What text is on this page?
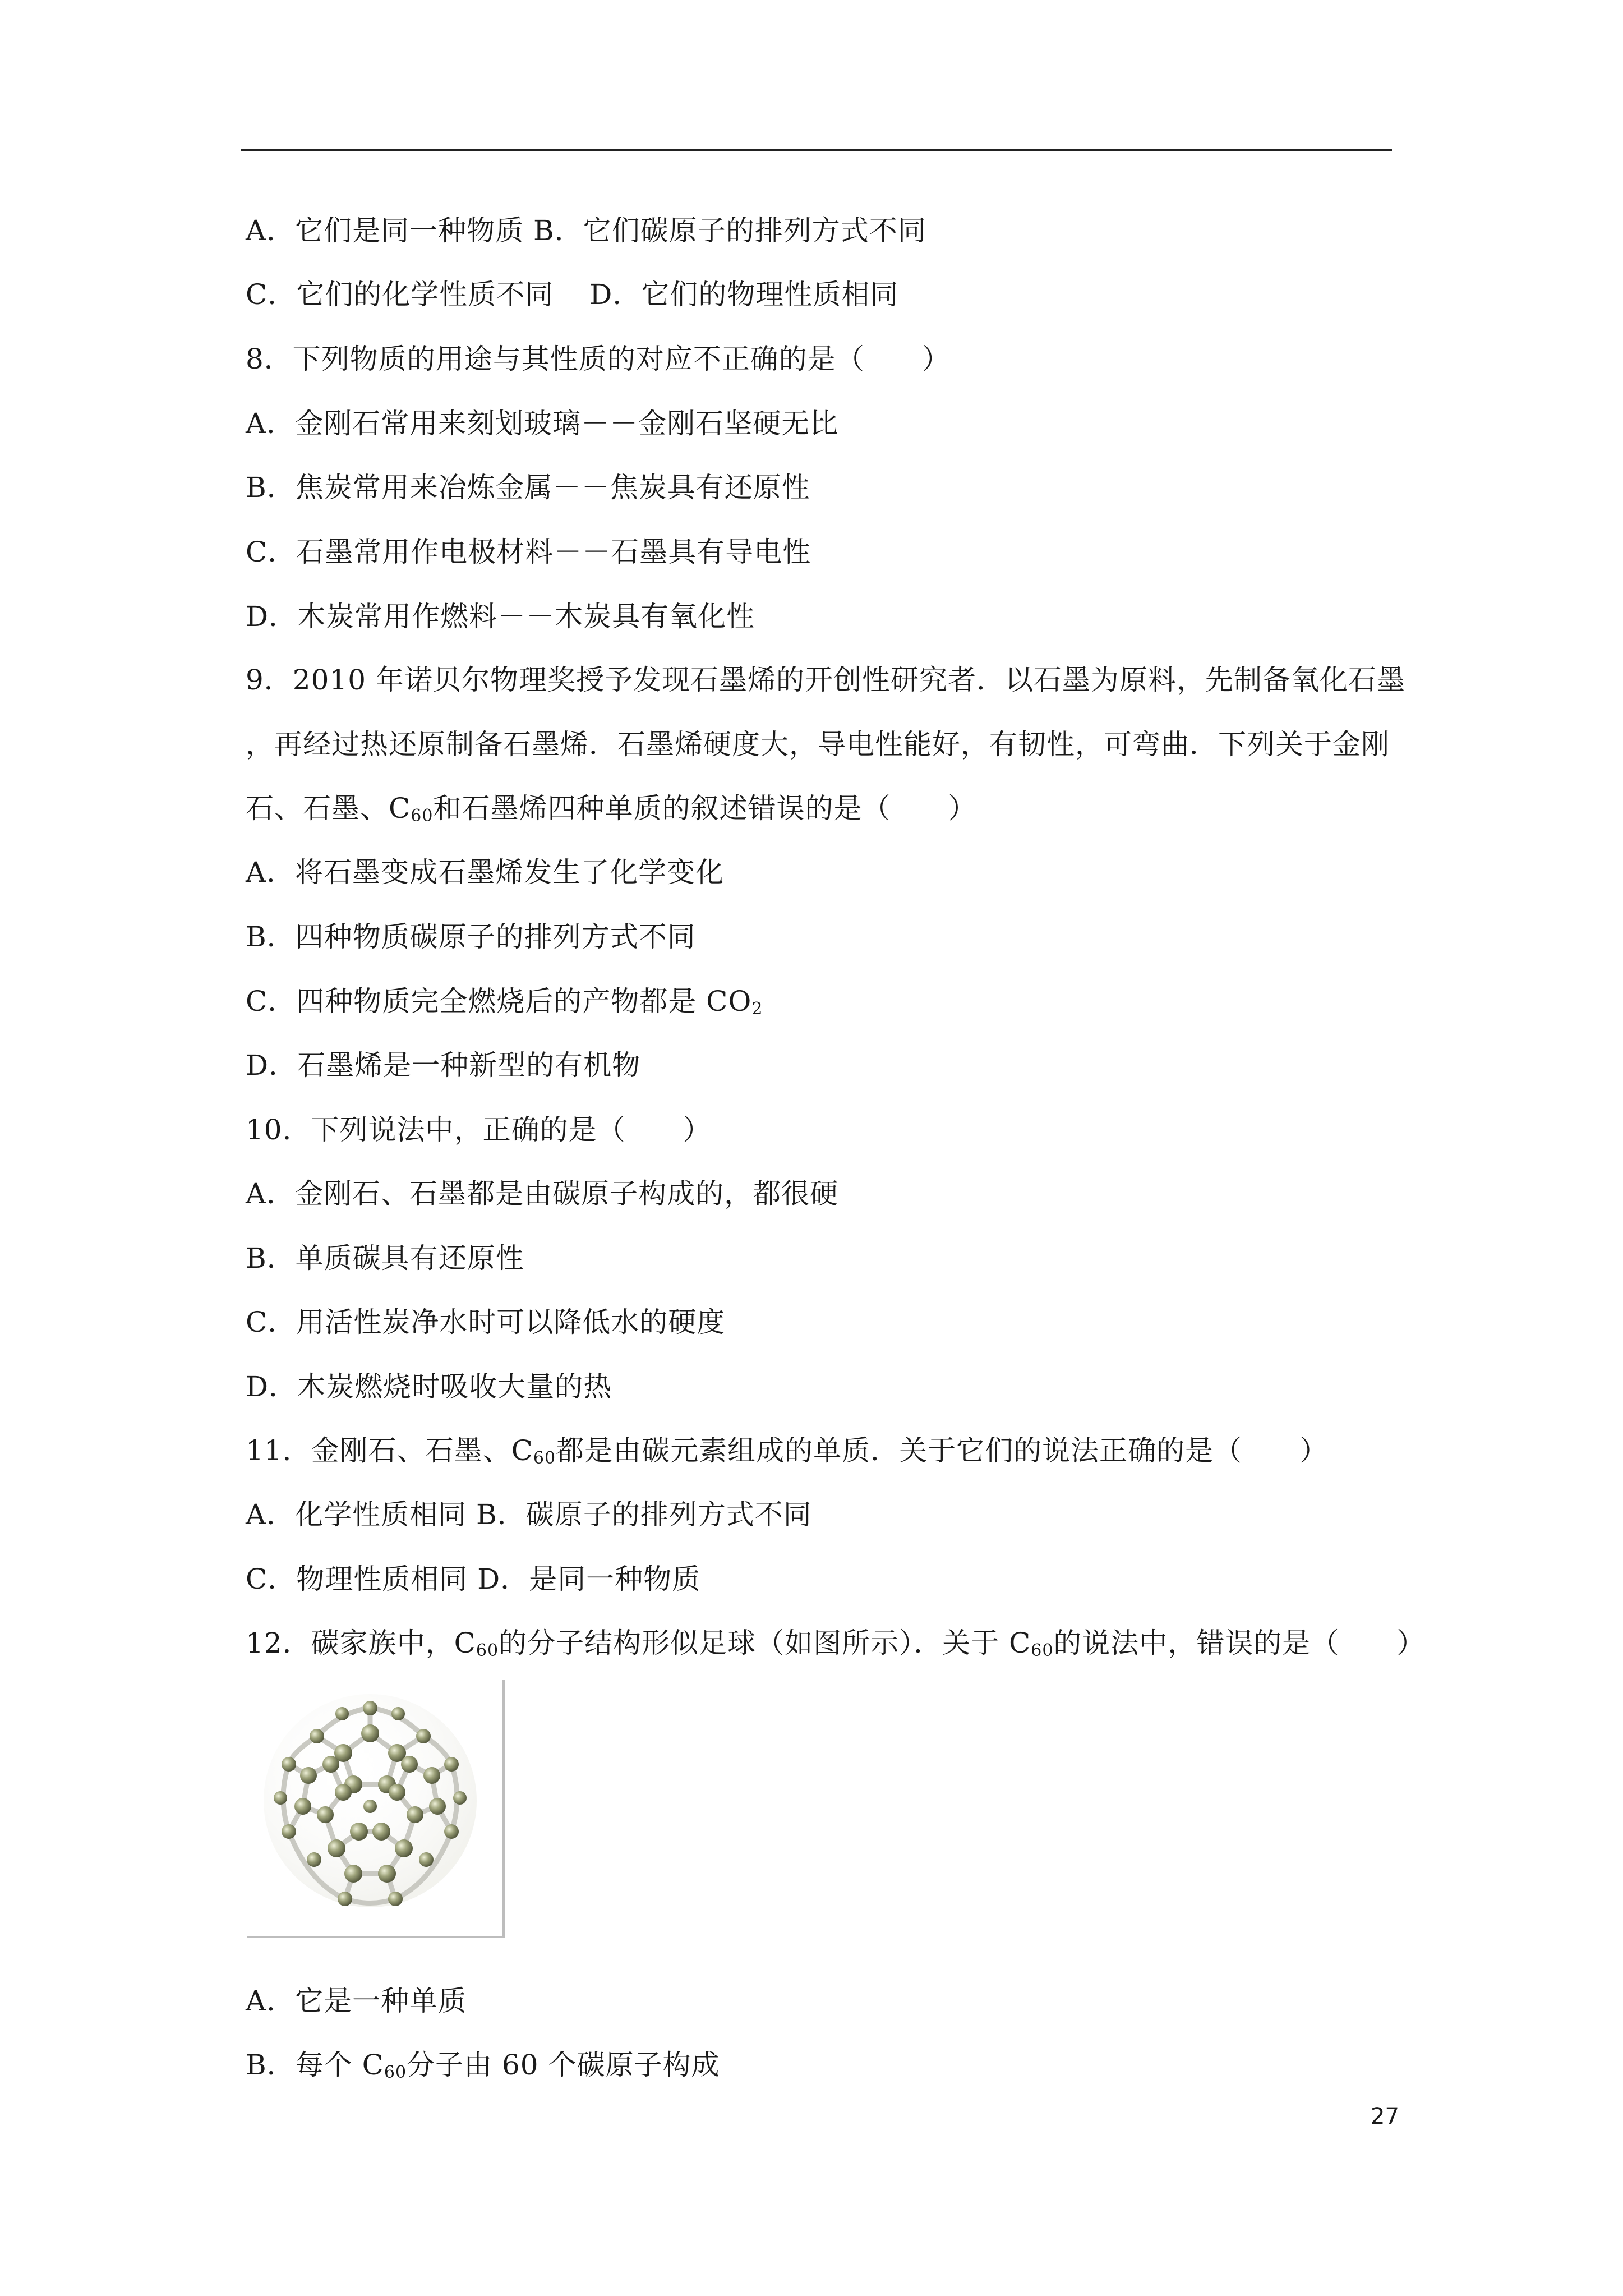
A．它们是同一种物质 B．它们碳原子的排列方式不同
C．它们的化学性质不同 D．它们的物理性质相同
8．下列物质的用途与其性质的对应不正确的是（　　）
A．金刚石常用来刻划玻璃－－金刚石坚硬无比
B．焦炭常用来冶炼金属－－焦炭具有还原性
C．石墨常用作电极材料－－石墨具有导电性
D．木炭常用作燃料－－木炭具有氧化性
9．2010 年诺贝尔物理奖授予发现石墨烯的开创性研究者．以石墨为原料，先制备氧化石墨
，再经过热还原制备石墨烯．石墨烯硬度大，导电性能好，有韧性，可弯曲．下列关于金刚
石、石墨、$C_{60}$和石墨烯四种单质的叙述错误的是（　　）
A．将石墨变成石墨烯发生了化学变化
B．四种物质碳原子的排列方式不同
C．四种物质完全燃烧后的产物都是 $CO_2$
D．石墨烯是一种新型的有机物
10．下列说法中，正确的是（　　）
A．金刚石、石墨都是由碳原子构成的，都很硬
B．单质碳具有还原性
C．用活性炭净水时可以降低水的硬度
D．木炭燃烧时吸收大量的热
11．金刚石、石墨、$C_{60}$都是由碳元素组成的单质．关于它们的说法正确的是（　　）
A．化学性质相同 B．碳原子的排列方式不同
C．物理性质相同 D．是同一种物质
12．碳家族中，$C_{60}$的分子结构形似足球（如图所示）．关于 $C_{60}$的说法中，错误的是（　　）
A．它是一种单质
B．每个 $C_{60}$分子由 60 个碳原子构成
27
